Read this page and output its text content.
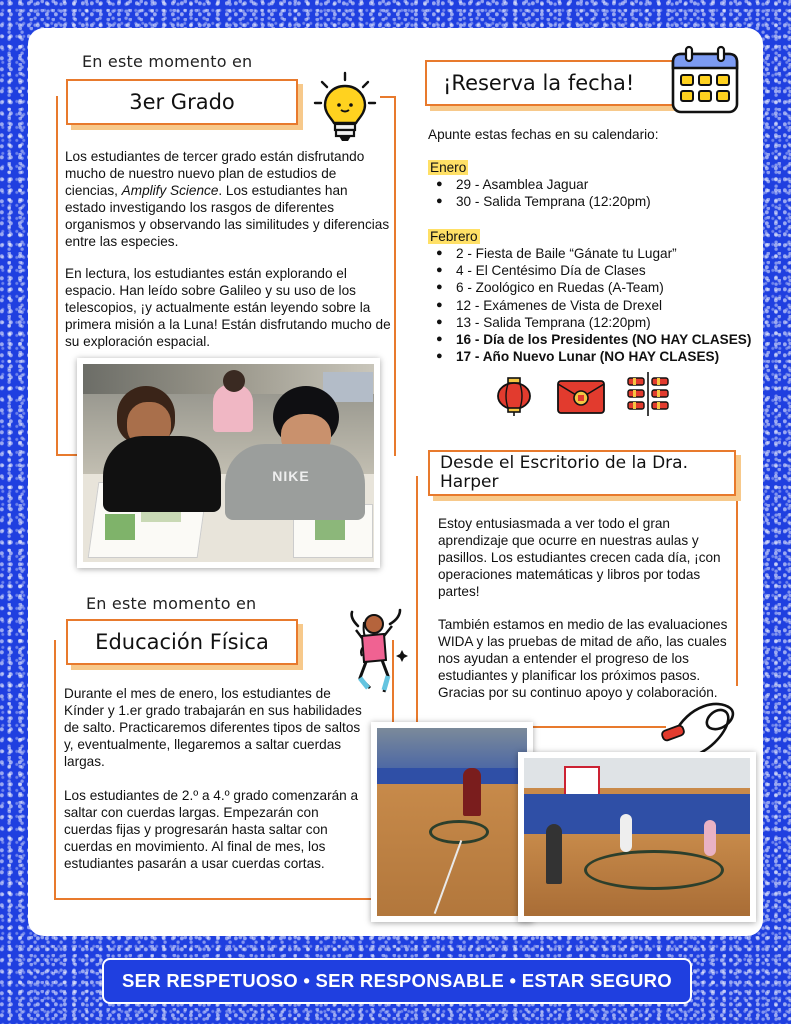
En este momento en
3er Grado
Los estudiantes de tercer grado están disfrutando mucho de nuestro nuevo plan de estudios de ciencias, Amplify Science. Los estudiantes han estado investigando los rasgos de diferentes organismos y observando las similitudes y diferencias entre las especies.
En lectura, los estudiantes están explorando el espacio. Han leído sobre Galileo y su uso de los telescopios, ¡y actualmente están leyendo sobre la primera misión a la Luna! Están disfrutando mucho de su exploración espacial.
NIKE
¡Reserva la fecha!
Apunte estas fechas en su calendario:
Enero
● 29 - Asamblea Jaguar
● 30 - Salida Temprana (12:20pm)
Febrero
● 2 - Fiesta de Baile “Gánate tu Lugar”
● 4 - El Centésimo Día de Clases
● 6 - Zoológico en Ruedas (A-Team)
● 12 - Exámenes de Vista de Drexel
● 13 - Salida Temprana (12:20pm)
● 16 - Día de los Presidentes (NO HAY CLASES)
● 17 - Año Nuevo Lunar (NO HAY CLASES)
Desde el Escritorio de la Dra. Harper
Estoy entusiasmada a ver todo el gran aprendizaje que ocurre en nuestras aulas y pasillos. Los estudiantes crecen cada día, ¡con operaciones matemáticas y libros por todas partes!
También estamos en medio de las evaluaciones WIDA y las pruebas de mitad de año, las cuales nos ayudan a entender el progreso de los estudiantes y planificar los próximos pasos. Gracias por su continuo apoyo y colaboración.
En este momento en
Educación Física
Durante el mes de enero, los estudiantes de Kínder y 1.er grado trabajarán en sus habilidades de salto. Practicaremos diferentes tipos de saltos y, eventualmente, llegaremos a saltar cuerdas largas.
Los estudiantes de 2.º a 4.º grado comenzarán a saltar con cuerdas largas. Empezarán con cuerdas fijas y progresarán hasta saltar con cuerdas en movimiento. Al final de mes, los estudiantes pasarán a usar cuerdas cortas.
SER RESPETUOSO • SER RESPONSABLE • ESTAR SEGURO
